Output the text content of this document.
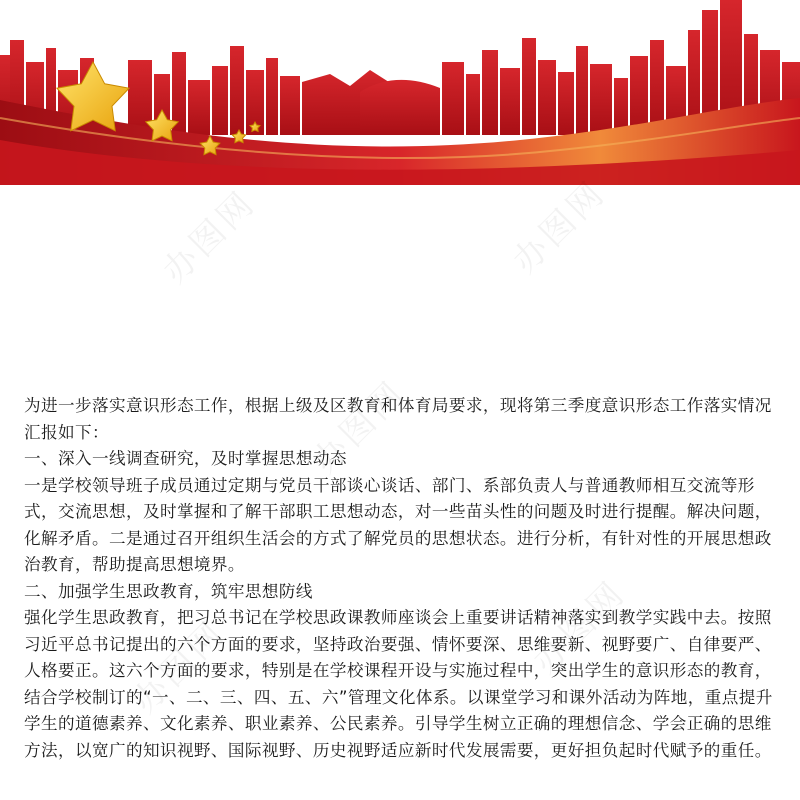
办图网	办图网
办图网
办图网
办图网

为进一步落实意识形态工作，根据上级及区教育和体育局要求，现将第三季度意识形态工作落实情况汇报如下：

一、深入一线调查研究，及时掌握思想动态

一是学校领导班子成员通过定期与党员干部谈心谈话、部门、系部负责人与普通教师相互交流等形式，交流思想，及时掌握和了解干部职工思想动态，对一些苗头性的问题及时进行提醒。解决问题，化解矛盾。二是通过召开组织生活会的方式了解党员的思想状态。进行分析，有针对性的开展思想政治教育，帮助提高思想境界。

二、加强学生思政教育，筑牢思想防线

强化学生思政教育，把习总书记在学校思政课教师座谈会上重要讲话精神落实到教学实践中去。按照习近平总书记提出的六个方面的要求，坚持政治要强、情怀要深、思维要新、视野要广、自律要严、人格要正。这六个方面的要求，特别是在学校课程开设与实施过程中，突出学生的意识形态的教育，结合学校制订的“一、二、三、四、五、六”管理文化体系。以课堂学习和课外活动为阵地，重点提升学生的道德素养、文化素养、职业素养、公民素养。引导学生树立正确的理想信念、学会正确的思维方法，以宽广的知识视野、国际视野、历史视野适应新时代发展需要，更好担负起时代赋予的重任。
